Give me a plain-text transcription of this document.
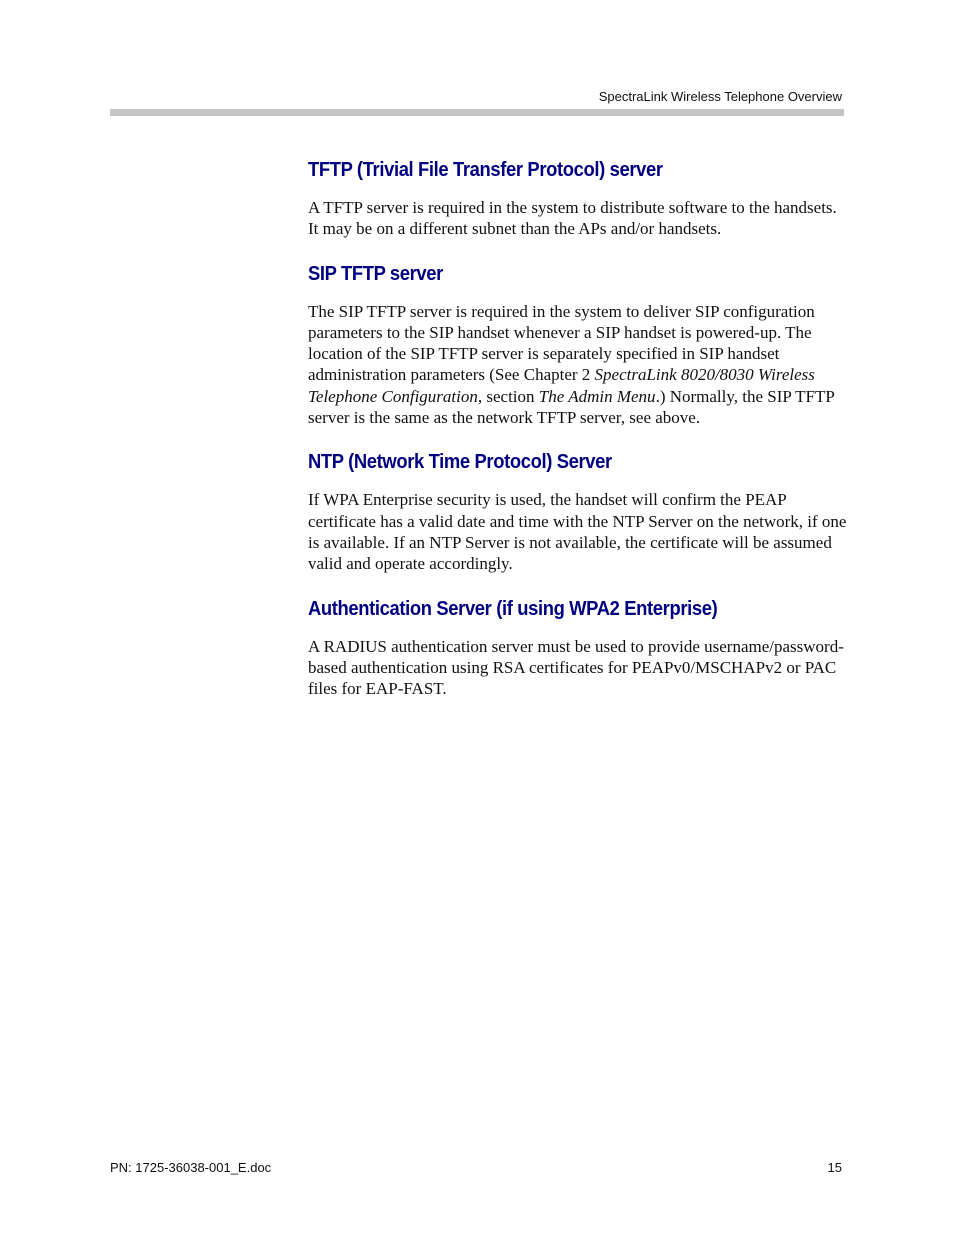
SpectraLink Wireless Telephone Overview
TFTP (Trivial File Transfer Protocol) server

A TFTP server is required in the system to distribute software to the handsets. It may be on a different subnet than the APs and/or handsets.

SIP TFTP server

The SIP TFTP server is required in the system to deliver SIP configuration parameters to the SIP handset whenever a SIP handset is powered-up. The location of the SIP TFTP server is separately specified in SIP handset administration parameters (See Chapter 2 SpectraLink 8020/8030 Wireless Telephone Configuration, section The Admin Menu.) Normally, the SIP TFTP server is the same as the network TFTP server, see above.

NTP (Network Time Protocol) Server

If WPA Enterprise security is used, the handset will confirm the PEAP certificate has a valid date and time with the NTP Server on the network, if one is available. If an NTP Server is not available, the certificate will be assumed valid and operate accordingly.

Authentication Server (if using WPA2 Enterprise)

A RADIUS authentication server must be used to provide username/password-based authentication using RSA certificates for PEAPv0/MSCHAPv2 or PAC files for EAP-FAST.

PN: 1725-36038-001_E.doc	15
